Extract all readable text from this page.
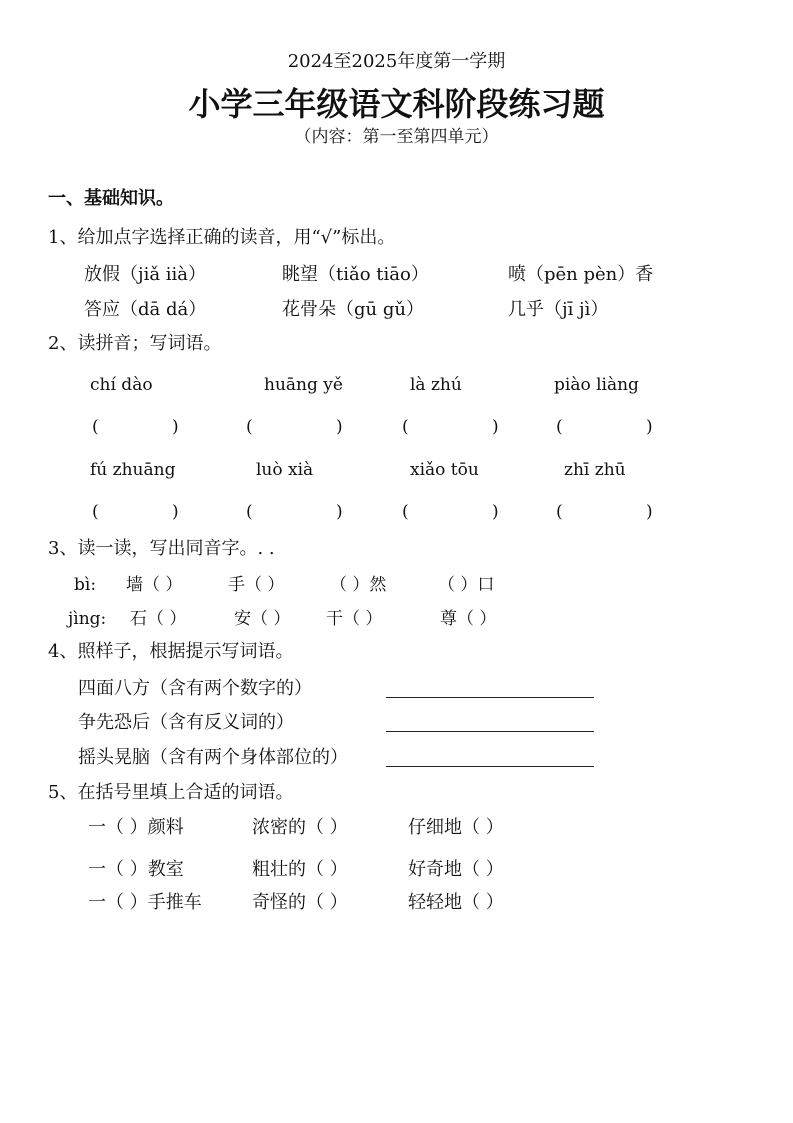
2024至2025年度第一学期
小学三年级语文科阶段练习题
（内容：第一至第四单元）
一、基础知识。
1、给加点字选择正确的读音，用“√”标出。
放假（jiǎ iià）	眺望（tiǎo tiāo）	喷（pēn pèn）香
答应（dā dá）	花骨朵（gū gǔ）	几乎（jī jì）
2、读拼音；写词语。
chí dào	huāng yě	là zhú	piào liàng
(	)	(	)	(	)	(	)
fú zhuāng	luò xià	xiǎo tōu	zhī zhū
(	)	(	)	(	)	(	)
3、读一读，写出同音字。. .
bì: 墙（ ）	手（ ）	（ ）然	（ ）口
jìng: 石（ ）	安（ ） 干（ ）	尊（ ）
4、照样子，根据提示写词语。
四面八方（含有两个数字的）
争先恐后（含有反义词的）
摇头晃脑（含有两个身体部位的）
5、在括号里填上合适的词语。
一（ ）颜料	浓密的（ ）	仔细地（ ）
一（ ）教室	粗壮的（ ）	好奇地（ ）
一（ ）手推车	奇怪的（ ）	轻轻地（ ）
